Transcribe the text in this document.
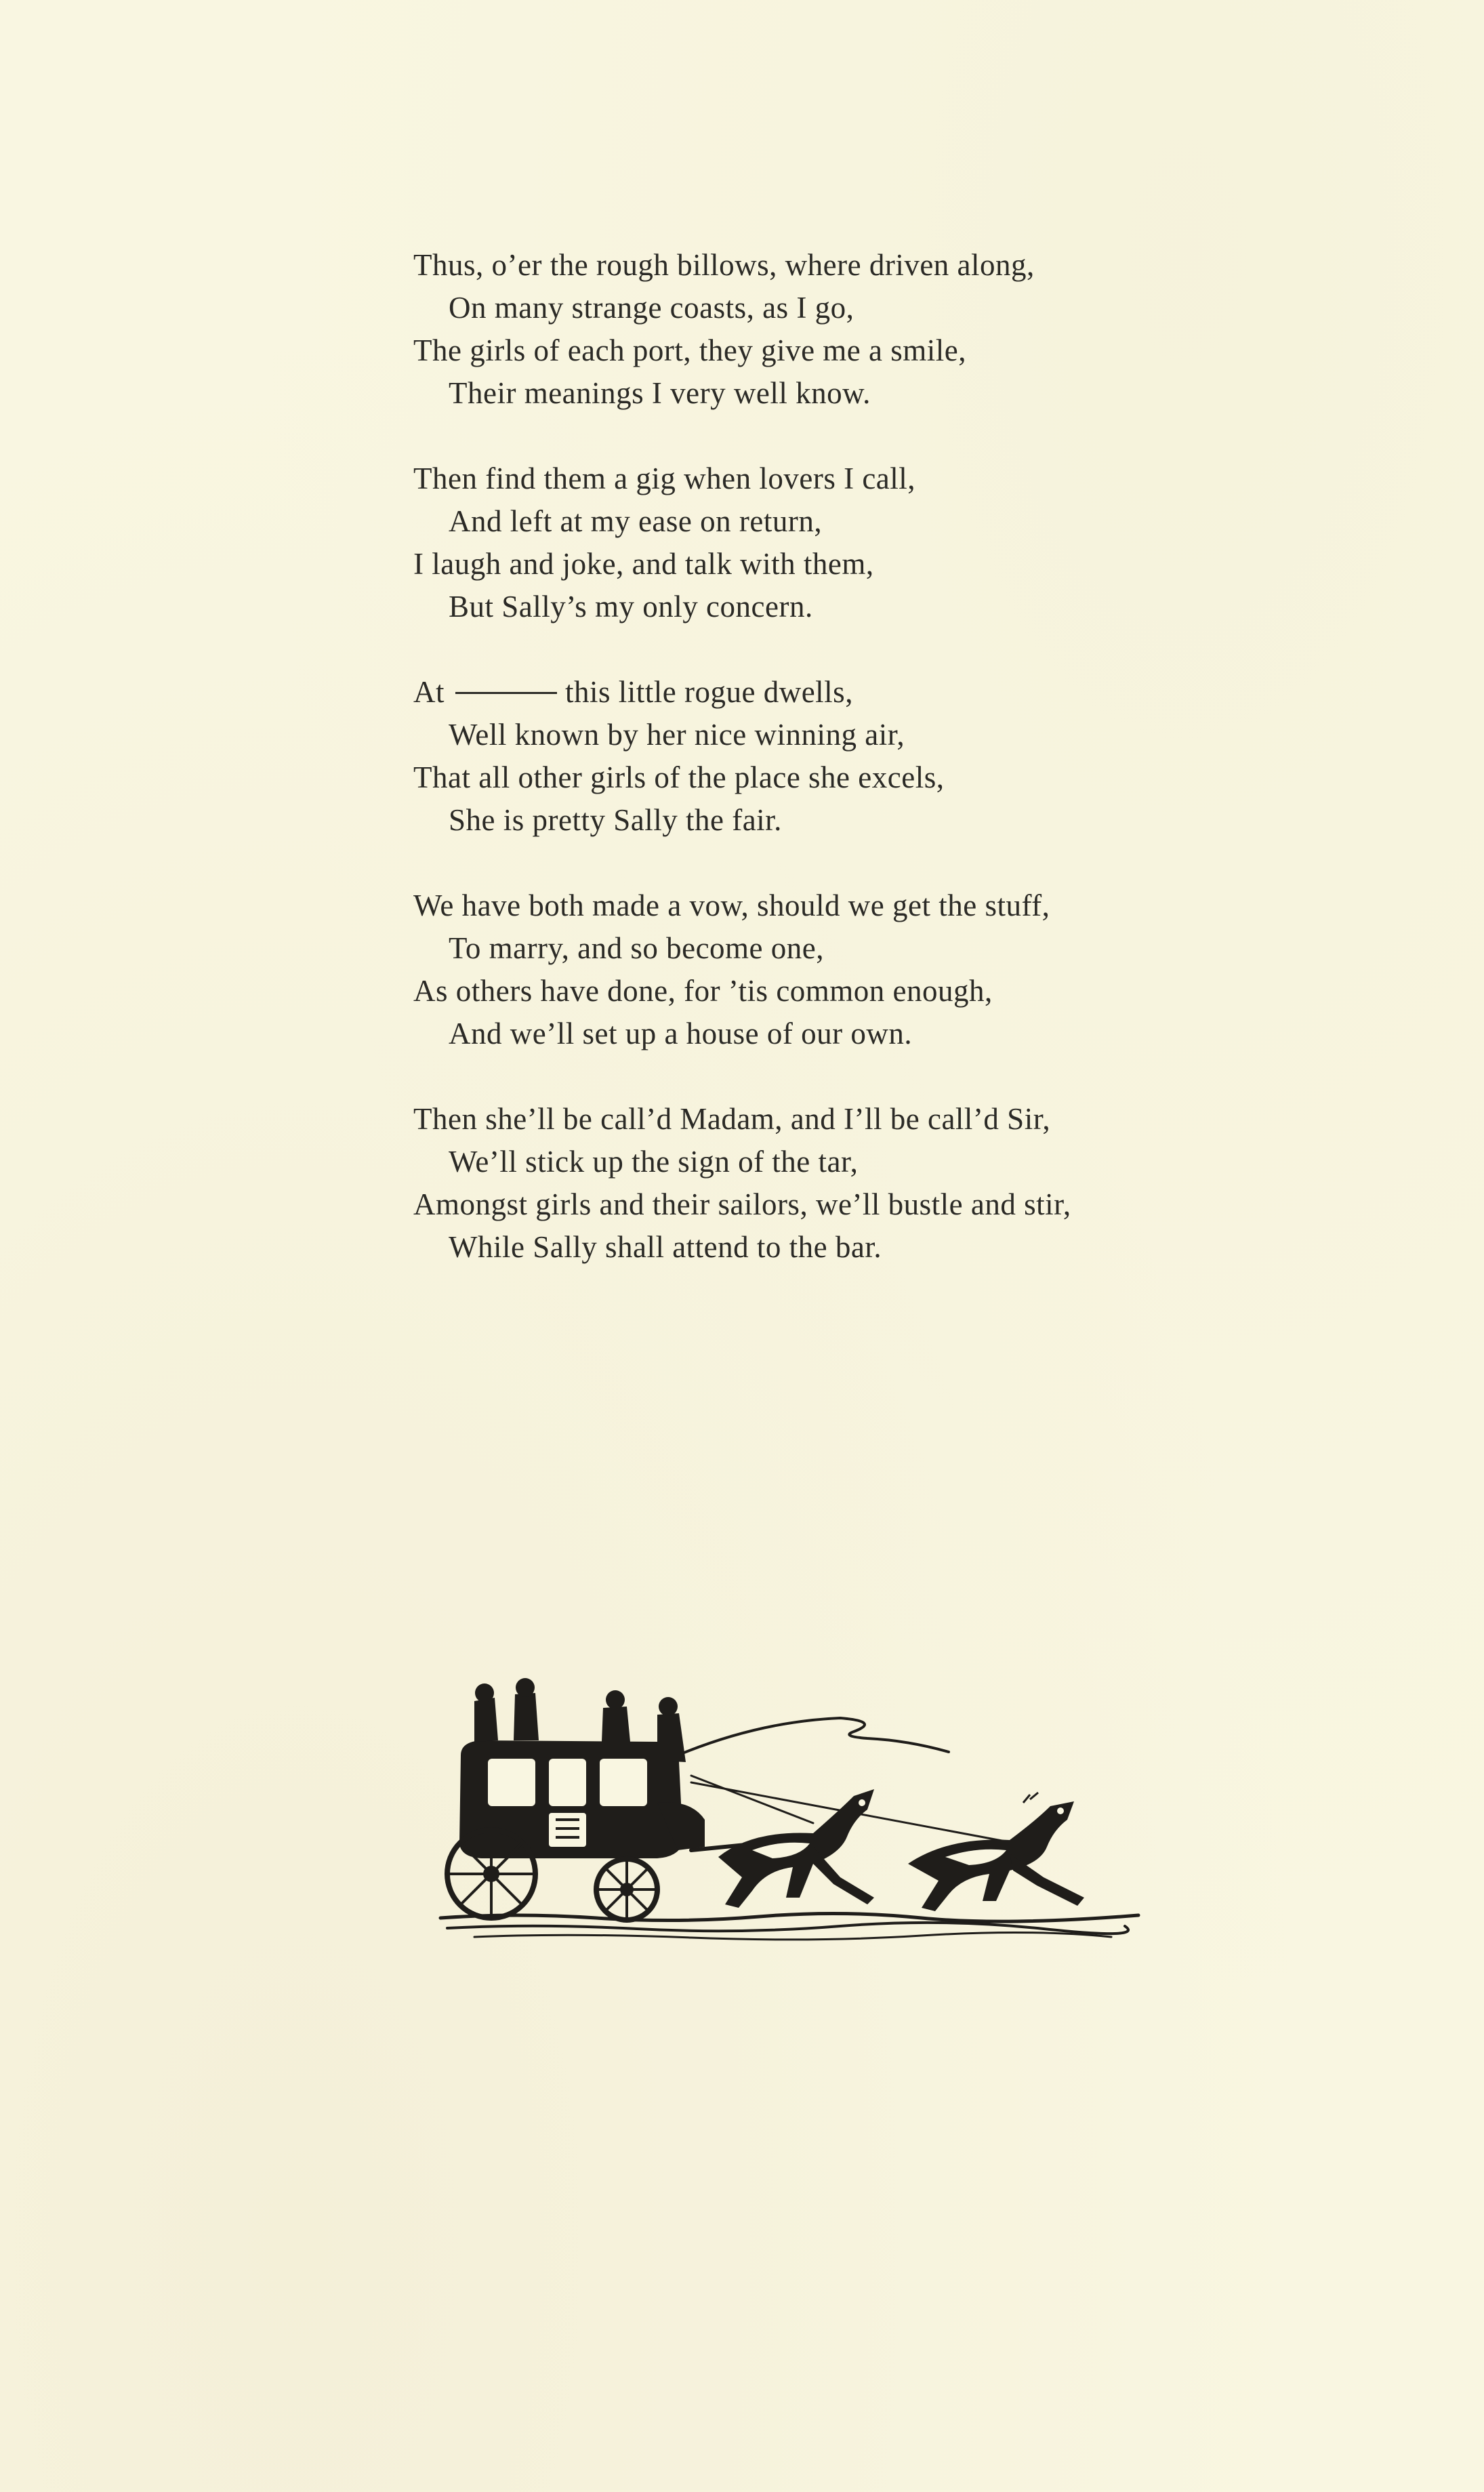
Thus, o’er the rough billows, where driven along,
On many strange coasts, as I go,
The girls of each port, they give me a smile,
Their meanings I very well know.
Then find them a gig when lovers I call,
And left at my ease on return,
I laugh and joke, and talk with them,
But Sally’s my only concern.
At	this little rogue dwells,
Well known by her nice winning air,
That all other girls of the place she excels,
She is pretty Sally the fair.
We have both made a vow, should we get the stuff,
To marry, and so become one,
As others have done, for ’tis common enough,
And we’ll set up a house of our own.
Then she’ll be call’d Madam, and I’ll be call’d Sir,
We’ll stick up the sign of the tar,
Amongst girls and their sailors, we’ll bustle and stir,
While Sally shall attend to the bar.
